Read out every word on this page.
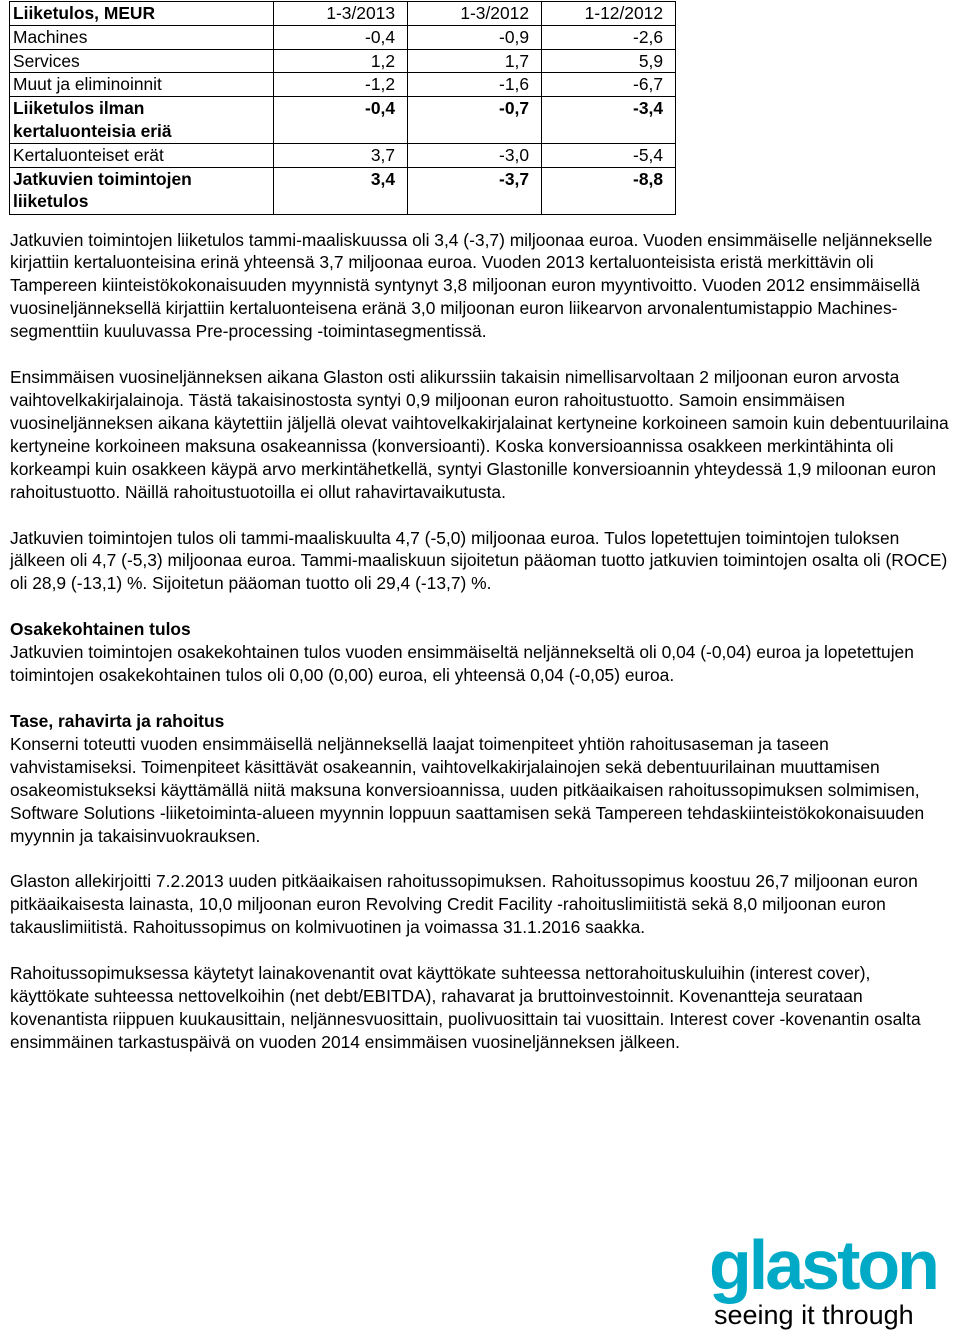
Liiketulos, MEUR	1-3/2013	1-3/2012	1-12/2012
Machines	-0,4	-0,9	-2,6
Services	1,2	1,7	5,9
Muut ja eliminoinnit	-1,2	-1,6	-6,7
Liiketulos ilman kertaluonteisia eriä	-0,4	-0,7	-3,4
Kertaluonteiset erät	3,7	-3,0	-5,4
Jatkuvien toimintojen liiketulos	3,4	-3,7	-8,8

Jatkuvien toimintojen liiketulos tammi-maaliskuussa oli 3,4 (-3,7) miljoonaa euroa. Vuoden ensimmäiselle neljännekselle kirjattiin kertaluonteisina erinä yhteensä 3,7 miljoonaa euroa. Vuoden 2013 kertaluonteisista eristä merkittävin oli Tampereen kiinteistökokonaisuuden myynnistä syntynyt 3,8 miljoonan euron myyntivoitto. Vuoden 2012 ensimmäisellä vuosineljänneksellä kirjattiin kertaluonteisena eränä 3,0 miljoonan euron liikearvon arvonalentumistappio Machines-segmenttiin kuuluvassa Pre-processing -toimintasegmentissä.

Ensimmäisen vuosineljänneksen aikana Glaston osti alikurssiin takaisin nimellisarvoltaan 2 miljoonan euron arvosta vaihtovelkakirjalainoja. Tästä takaisinostosta syntyi 0,9 miljoonan euron rahoitustuotto. Samoin ensimmäisen vuosineljänneksen aikana käytettiin jäljellä olevat vaihtovelkakirjalainat kertyneine korkoineen samoin kuin debentuurilaina kertyneine korkoineen maksuna osakeannissa (konversioanti). Koska konversioannissa osakkeen merkintähinta oli korkeampi kuin osakkeen käypä arvo merkintähetkellä, syntyi Glastonille konversioannin yhteydessä 1,9 miloonan euron rahoitustuotto. Näillä rahoitustuotoilla ei ollut rahavirtavaikutusta.

Jatkuvien toimintojen tulos oli tammi-maaliskuulta 4,7 (-5,0) miljoonaa euroa. Tulos lopetettujen toimintojen tuloksen jälkeen oli 4,7 (-5,3) miljoonaa euroa. Tammi-maaliskuun sijoitetun pääoman tuotto jatkuvien toimintojen osalta oli (ROCE) oli 28,9 (-13,1) %. Sijoitetun pääoman tuotto oli 29,4 (-13,7) %.

Osakekohtainen tulos

Jatkuvien toimintojen osakekohtainen tulos vuoden ensimmäiseltä neljännekseltä oli 0,04 (-0,04) euroa ja lopetettujen toimintojen osakekohtainen tulos oli 0,00 (0,00) euroa, eli yhteensä 0,04 (-0,05) euroa.

Tase, rahavirta ja rahoitus

Konserni toteutti vuoden ensimmäisellä neljänneksellä laajat toimenpiteet yhtiön rahoitusaseman ja taseen vahvistamiseksi. Toimenpiteet käsittävät osakeannin, vaihtovelkakirjalainojen sekä debentuurilainan muuttamisen osakeomistukseksi käyttämällä niitä maksuna konversioannissa, uuden pitkäaikaisen rahoitussopimuksen solmimisen, Software Solutions -liiketoiminta-alueen myynnin loppuun saattamisen sekä Tampereen tehdaskiinteistökokonaisuuden myynnin ja takaisinvuokrauksen.

Glaston allekirjoitti 7.2.2013 uuden pitkäaikaisen rahoitussopimuksen. Rahoitussopimus koostuu 26,7 miljoonan euron pitkäaikaisesta lainasta, 10,0 miljoonan euron Revolving Credit Facility -rahoituslimiitistä sekä 8,0 miljoonan euron takauslimiitistä. Rahoitussopimus on kolmivuotinen ja voimassa 31.1.2016 saakka.

Rahoitussopimuksessa käytetyt lainakovenantit ovat käyttökate suhteessa nettorahoituskuluihin (interest cover), käyttökate suhteessa nettovelkoihin (net debt/EBITDA), rahavarat ja bruttoinvestoinnit. Kovenantteja seurataan kovenantista riippuen kuukausittain, neljännesvuosittain, puolivuosittain tai vuosittain. Interest cover -kovenantin osalta ensimmäinen tarkastuspäivä on vuoden 2014 ensimmäisen vuosineljänneksen jälkeen.

glaston
seeing it through
